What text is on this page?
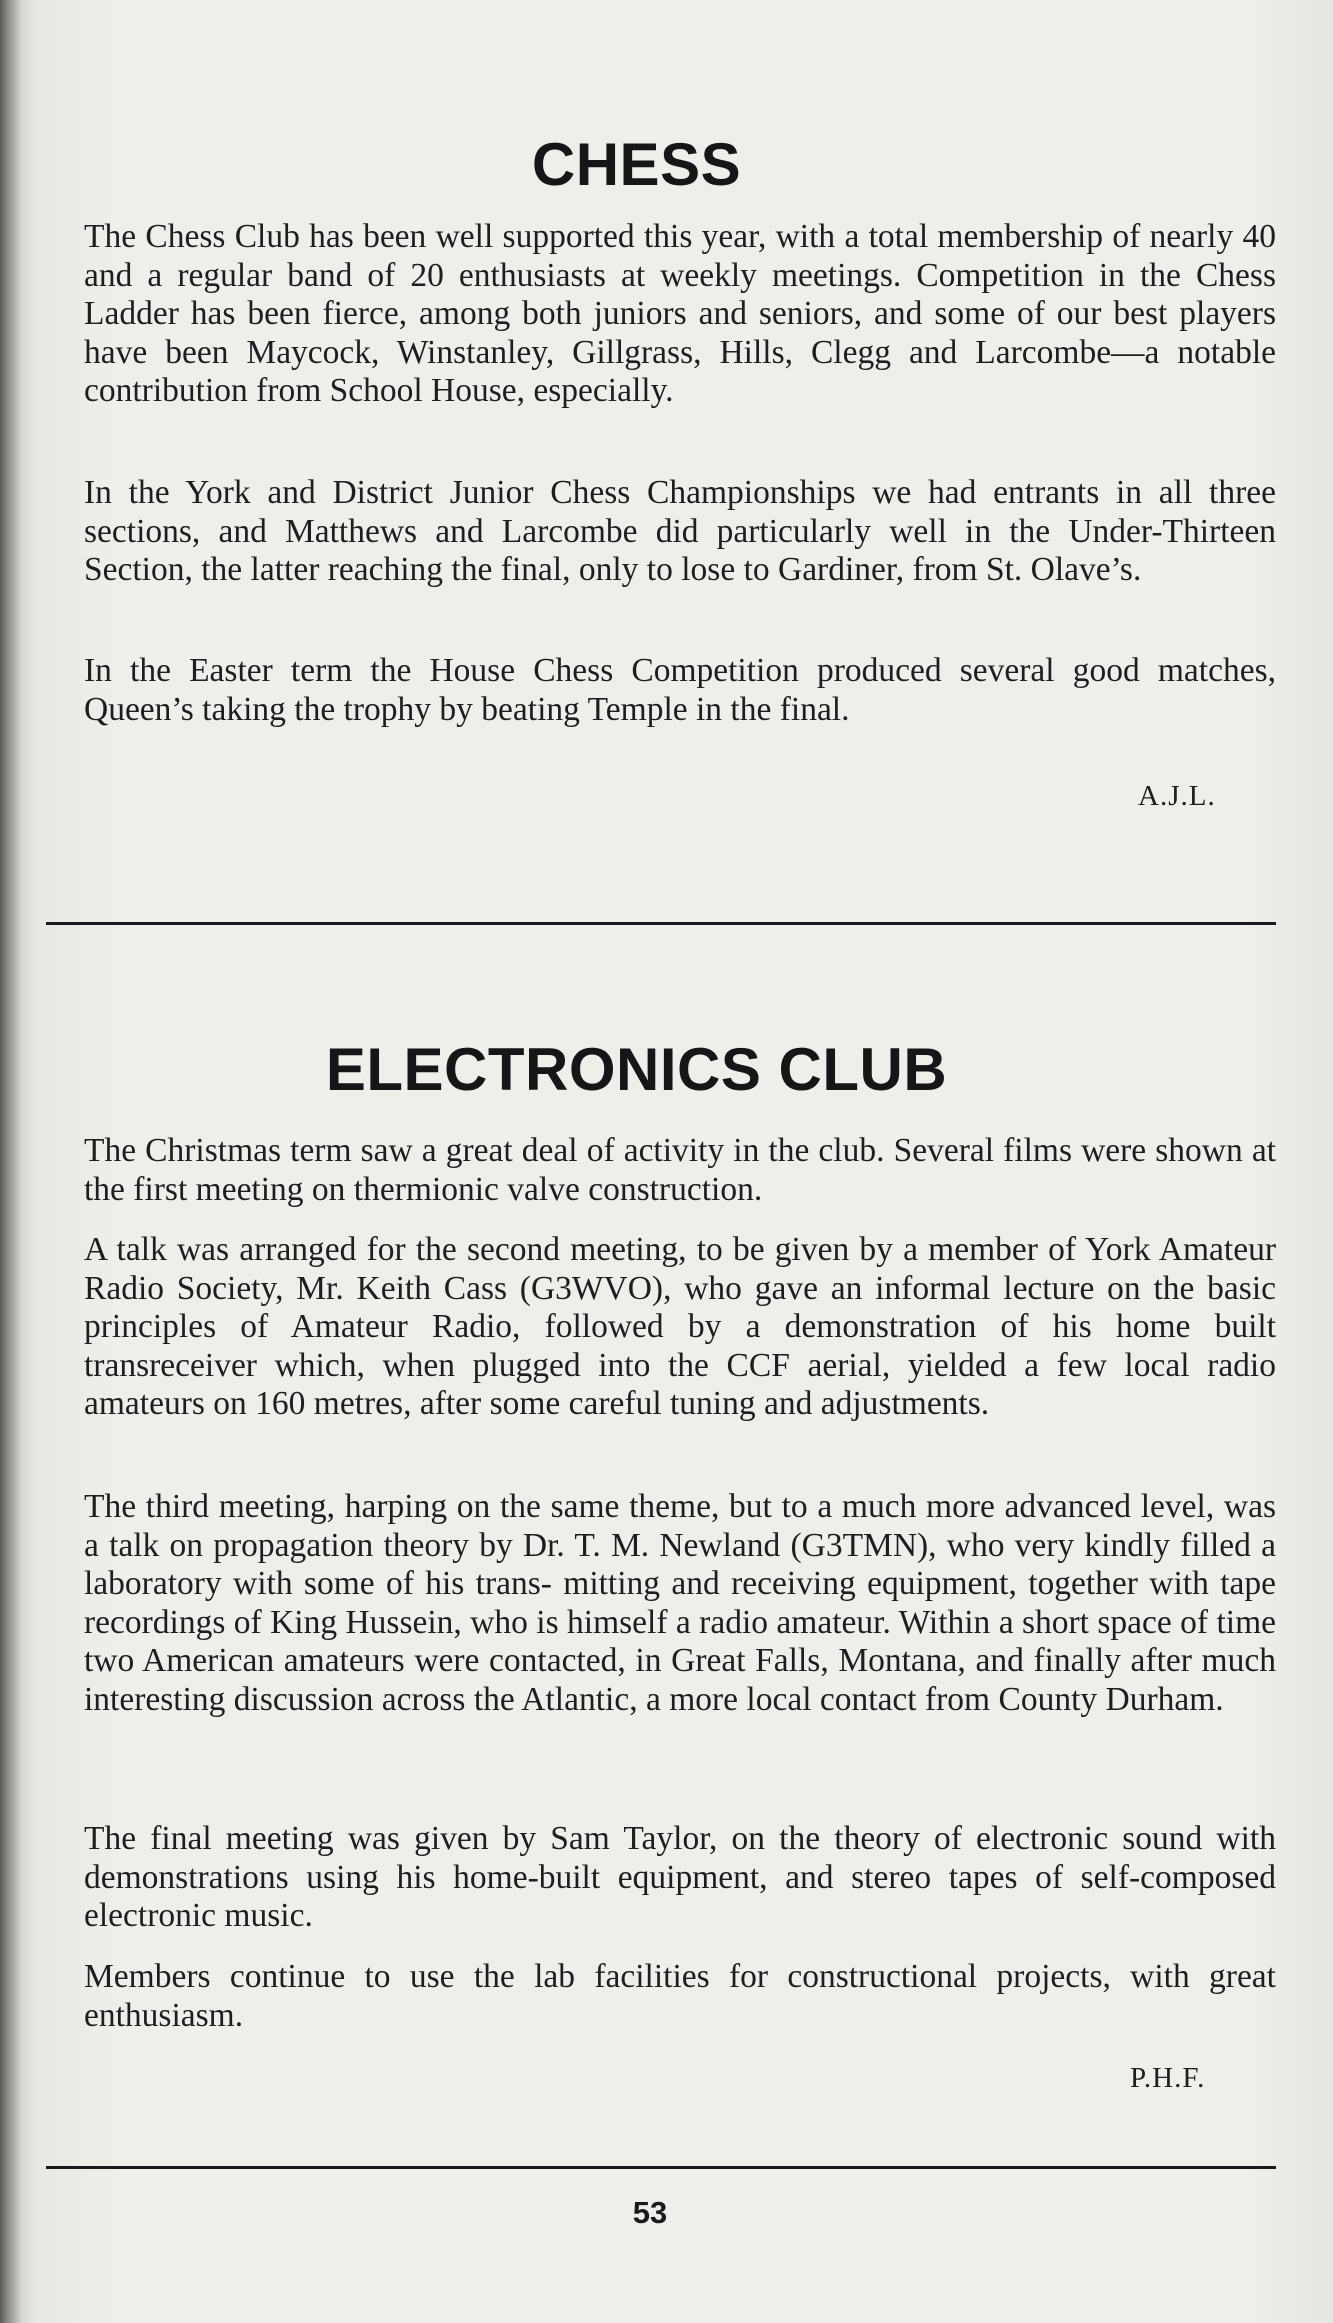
CHESS

The Chess Club has been well supported this year, with a total membership of nearly 40 and a regular band of 20 enthusiasts at weekly meetings. Competition in the Chess Ladder has been fierce, among both juniors and seniors, and some of our best players have been Maycock, Winstanley, Gillgrass, Hills, Clegg and Larcombe—a notable contribution from School House, especially.

In the York and District Junior Chess Championships we had entrants in all three sections, and Matthews and Larcombe did particularly well in the Under-Thirteen Section, the latter reaching the final, only to lose to Gardiner, from St. Olave’s.

In the Easter term the House Chess Competition produced several good matches, Queen’s taking the trophy by beating Temple in the final.

A.J.L.
ELECTRONICS CLUB

The Christmas term saw a great deal of activity in the club. Several films were shown at the first meeting on thermionic valve construction.

A talk was arranged for the second meeting, to be given by a member of York Amateur Radio Society, Mr. Keith Cass (G3WVO), who gave an informal lecture on the basic principles of Amateur Radio, followed by a demonstration of his home built transreceiver which, when plugged into the CCF aerial, yielded a few local radio amateurs on 160 metres, after some careful tuning and adjustments.

The third meeting, harping on the same theme, but to a much more advanced level, was a talk on propagation theory by Dr. T. M. Newland (G3TMN), who very kindly filled a laboratory with some of his trans- mitting and receiving equipment, together with tape recordings of King Hussein, who is himself a radio amateur. Within a short space of time two American amateurs were contacted, in Great Falls, Montana, and finally after much interesting discussion across the Atlantic, a more local contact from County Durham.

The final meeting was given by Sam Taylor, on the theory of electronic sound with demonstrations using his home-built equipment, and stereo tapes of self-composed electronic music.

Members continue to use the lab facilities for constructional projects, with great enthusiasm.

P.H.F.
53
